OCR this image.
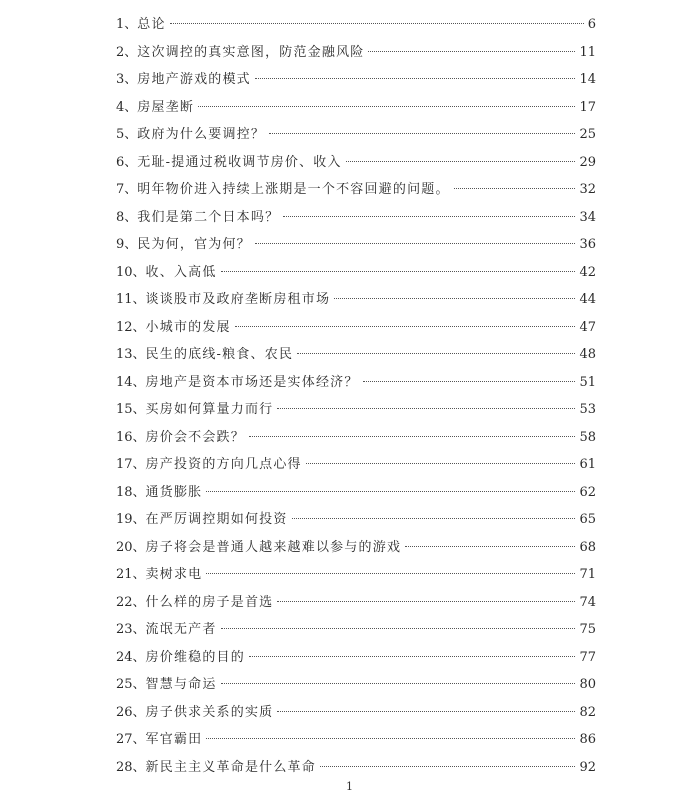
1、 总论	6
2、 这次调控的真实意图，防范金融风险	11
3、 房地产游戏的模式	14
4、 房屋垄断	17
5、 政府为什么要调控？	25
6、 无耻-提通过税收调节房价、收入	29
7、 明年物价进入持续上涨期是一个不容回避的问题。	32
8、 我们是第二个日本吗？	34
9、 民为何，官为何？	36
10、 收、入高低	42
11、 谈谈股市及政府垄断房租市场	44
12、 小城市的发展	47
13、 民生的底线-粮食、农民	48
14、 房地产是资本市场还是实体经济？	51
15、 买房如何算量力而行	53
16、 房价会不会跌？	58
17、 房产投资的方向几点心得	61
18、 通货膨胀	62
19、 在严厉调控期如何投资	65
20、 房子将会是普通人越来越难以参与的游戏	68
21、 卖树求电	71
22、 什么样的房子是首选	74
23、 流氓无产者	75
24、 房价维稳的目的	77
25、 智慧与命运	80
26、 房子供求关系的实质	82
27、 军官霸田	86
28、 新民主主义革命是什么革命	92
1
